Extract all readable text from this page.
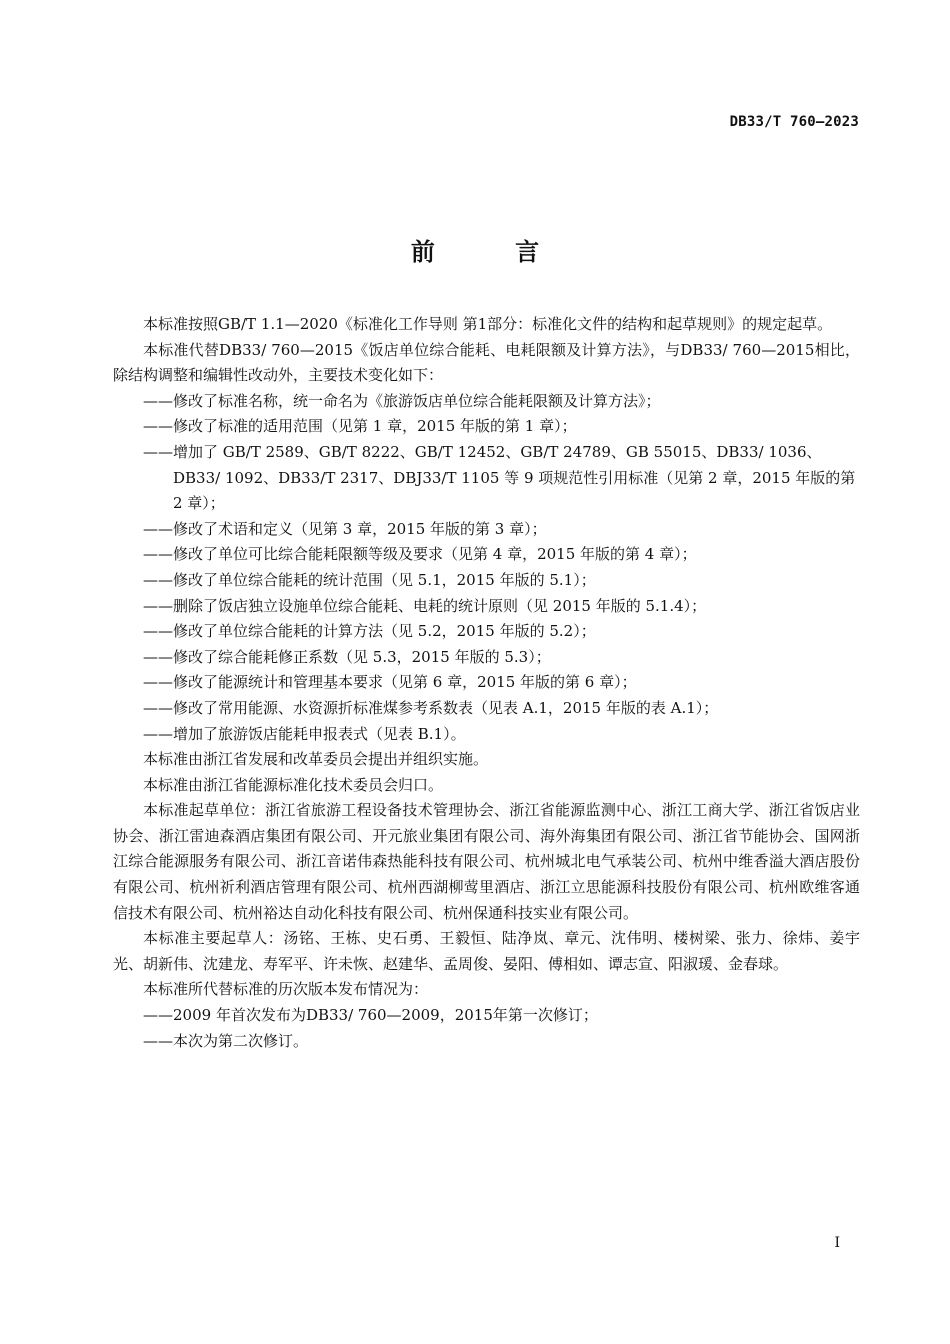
DB33/T 760—2023
前 言

本标准按照GB/T 1.1—2020《标准化工作导则 第1部分：标准化文件的结构和起草规则》的规定起草。

本标准代替DB33/ 760—2015《饭店单位综合能耗、电耗限额及计算方法》，与DB33/ 760—2015相比，除结构调整和编辑性改动外，主要技术变化如下：

——修改了标准名称，统一命名为《旅游饭店单位综合能耗限额及计算方法》；

——修改了标准的适用范围（见第 1 章，2015 年版的第 1 章）；

——增加了 GB/T 2589、GB/T 8222、GB/T 12452、GB/T 24789、GB 55015、DB33/ 1036、DB33/ 1092、DB33/T 2317、DBJ33/T 1105 等 9 项规范性引用标准（见第 2 章，2015 年版的第 2 章）；

——修改了术语和定义（见第 3 章，2015 年版的第 3 章）；

——修改了单位可比综合能耗限额等级及要求（见第 4 章，2015 年版的第 4 章）；

——修改了单位综合能耗的统计范围（见 5.1，2015 年版的 5.1）；

——删除了饭店独立设施单位综合能耗、电耗的统计原则（见 2015 年版的 5.1.4）；

——修改了单位综合能耗的计算方法（见 5.2，2015 年版的 5.2）；

——修改了综合能耗修正系数（见 5.3，2015 年版的 5.3）；

——修改了能源统计和管理基本要求（见第 6 章，2015 年版的第 6 章）；

——修改了常用能源、水资源折标准煤参考系数表（见表 A.1，2015 年版的表 A.1）；

——增加了旅游饭店能耗申报表式（见表 B.1）。

本标准由浙江省发展和改革委员会提出并组织实施。

本标准由浙江省能源标准化技术委员会归口。

本标准起草单位：浙江省旅游工程设备技术管理协会、浙江省能源监测中心、浙江工商大学、浙江省饭店业协会、浙江雷迪森酒店集团有限公司、开元旅业集团有限公司、海外海集团有限公司、浙江省节能协会、国网浙江综合能源服务有限公司、浙江音诺伟森热能科技有限公司、杭州城北电气承装公司、杭州中维香溢大酒店股份有限公司、杭州祈利酒店管理有限公司、杭州西湖柳莺里酒店、浙江立思能源科技股份有限公司、杭州欧维客通信技术有限公司、杭州裕达自动化科技有限公司、杭州保通科技实业有限公司。

本标准主要起草人：汤铭、王栋、史石勇、王毅恒、陆净岚、章元、沈伟明、楼树梁、张力、徐炜、姜宇光、胡新伟、沈建龙、寿军平、许未恢、赵建华、孟周俊、晏阳、傅相如、谭志宣、阳淑瑗、金春球。

本标准所代替标准的历次版本发布情况为：

——2009 年首次发布为DB33/ 760—2009，2015年第一次修订；

——本次为第二次修订。

I
